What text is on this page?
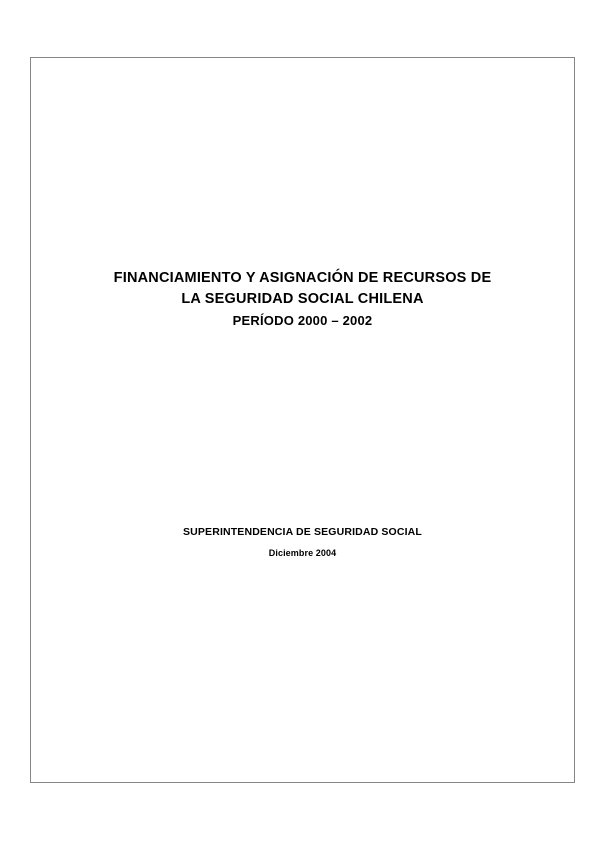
FINANCIAMIENTO Y ASIGNACIÓN DE RECURSOS DE
LA SEGURIDAD SOCIAL CHILENA
PERÍODO 2000 – 2002
SUPERINTENDENCIA DE SEGURIDAD SOCIAL
Diciembre 2004
